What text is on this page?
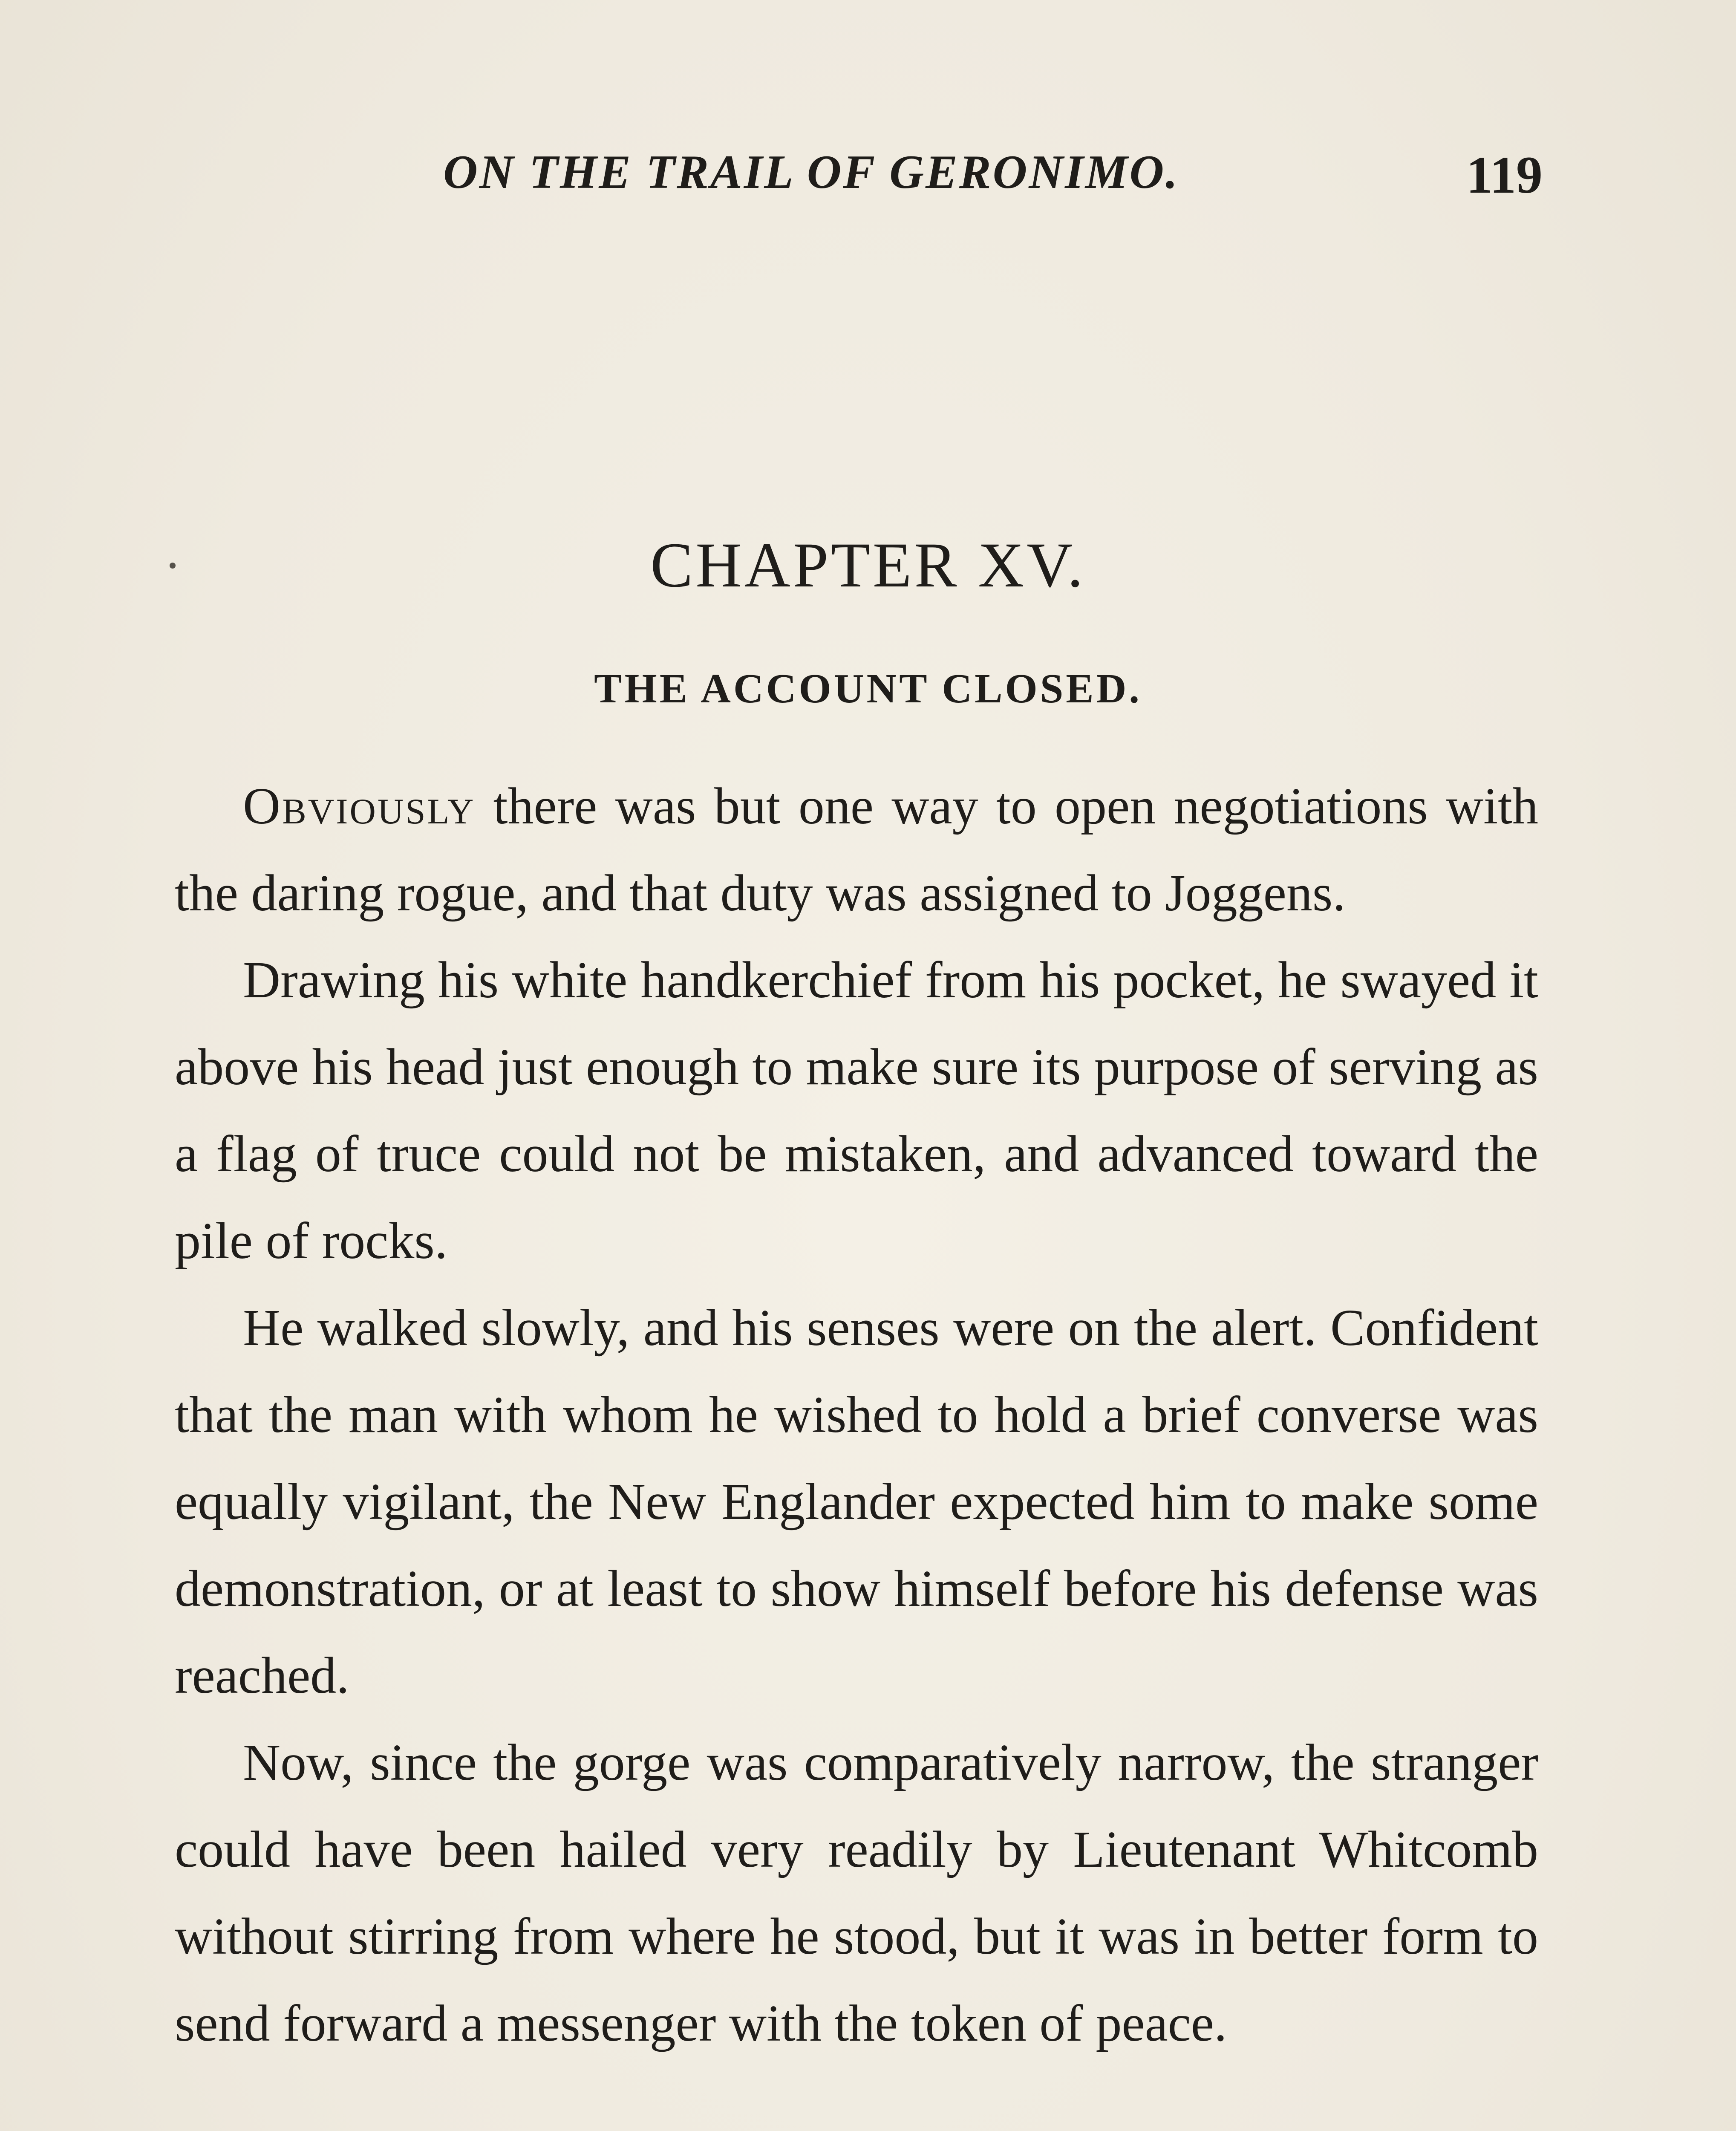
ON THE TRAIL OF GERONIMO.	119
CHAPTER XV.
THE ACCOUNT CLOSED.

Obviously there was but one way to open negotiations with the daring rogue, and that duty was assigned to Joggens.

Drawing his white handkerchief from his pocket, he swayed it above his head just enough to make sure its purpose of serving as a flag of truce could not be mistaken, and advanced toward the pile of rocks.

He walked slowly, and his senses were on the alert. Confident that the man with whom he wished to hold a brief converse was equally vigilant, the New Englander expected him to make some demonstration, or at least to show himself before his defense was reached.

Now, since the gorge was comparatively narrow, the stranger could have been hailed very readily by Lieutenant Whitcomb without stirring from where he stood, but it was in better form to send forward a messenger with the token of peace.
